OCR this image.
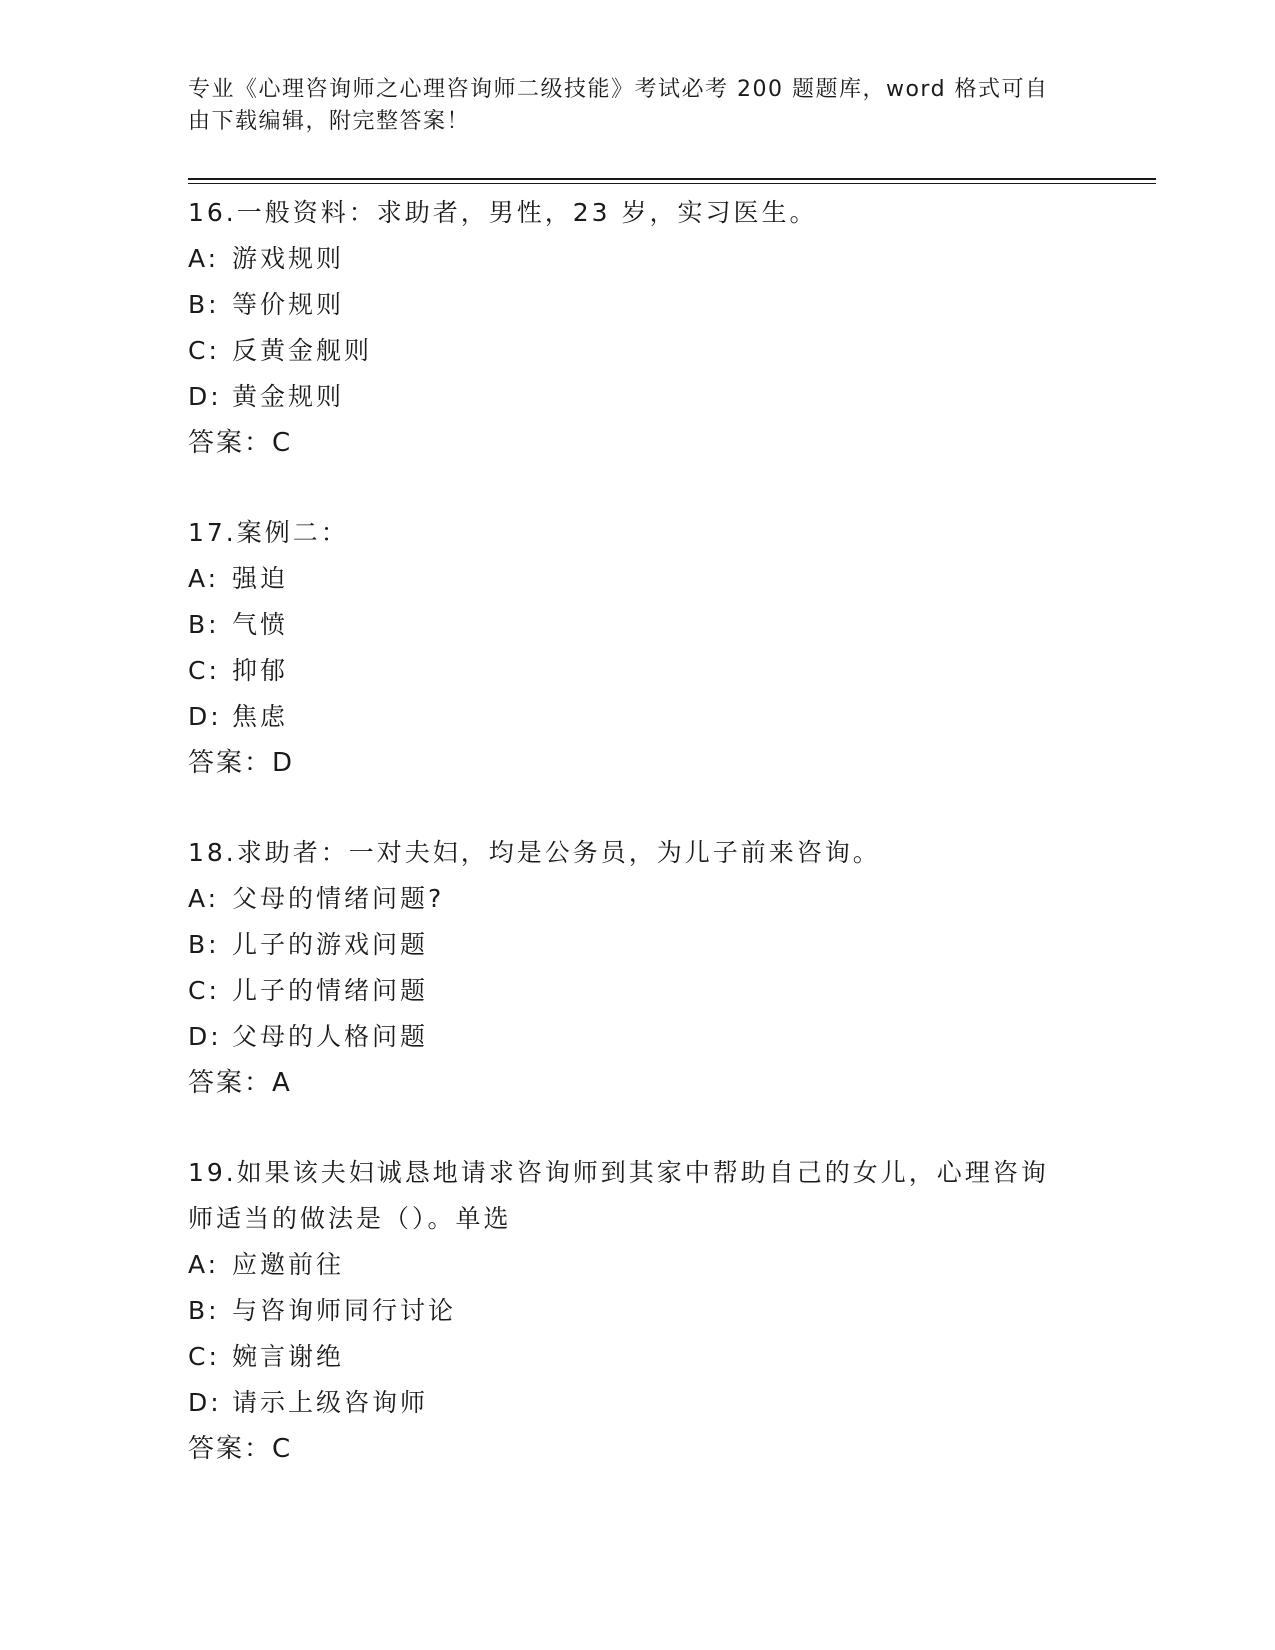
专业《心理咨询师之心理咨询师二级技能》考试必考 200 题题库，word 格式可自
由下载编辑，附完整答案！
16.一般资料：求助者，男性，23 岁，实习医生。
A: 游戏规则
B: 等价规则
C: 反黄金舰则
D: 黄金规则
答案：C
17.案例二：
A: 强迫
B: 气愤
C: 抑郁
D: 焦虑
答案：D
18.求助者：一对夫妇，均是公务员，为儿子前来咨询。
A: 父母的情绪问题?
B: 儿子的游戏问题
C: 儿子的情绪问题
D: 父母的人格问题
答案：A
19.如果该夫妇诚恳地请求咨询师到其家中帮助自己的女儿，心理咨询
师适当的做法是（）。单选
A: 应邀前往
B: 与咨询师同行讨论
C: 婉言谢绝
D: 请示上级咨询师
答案：C
